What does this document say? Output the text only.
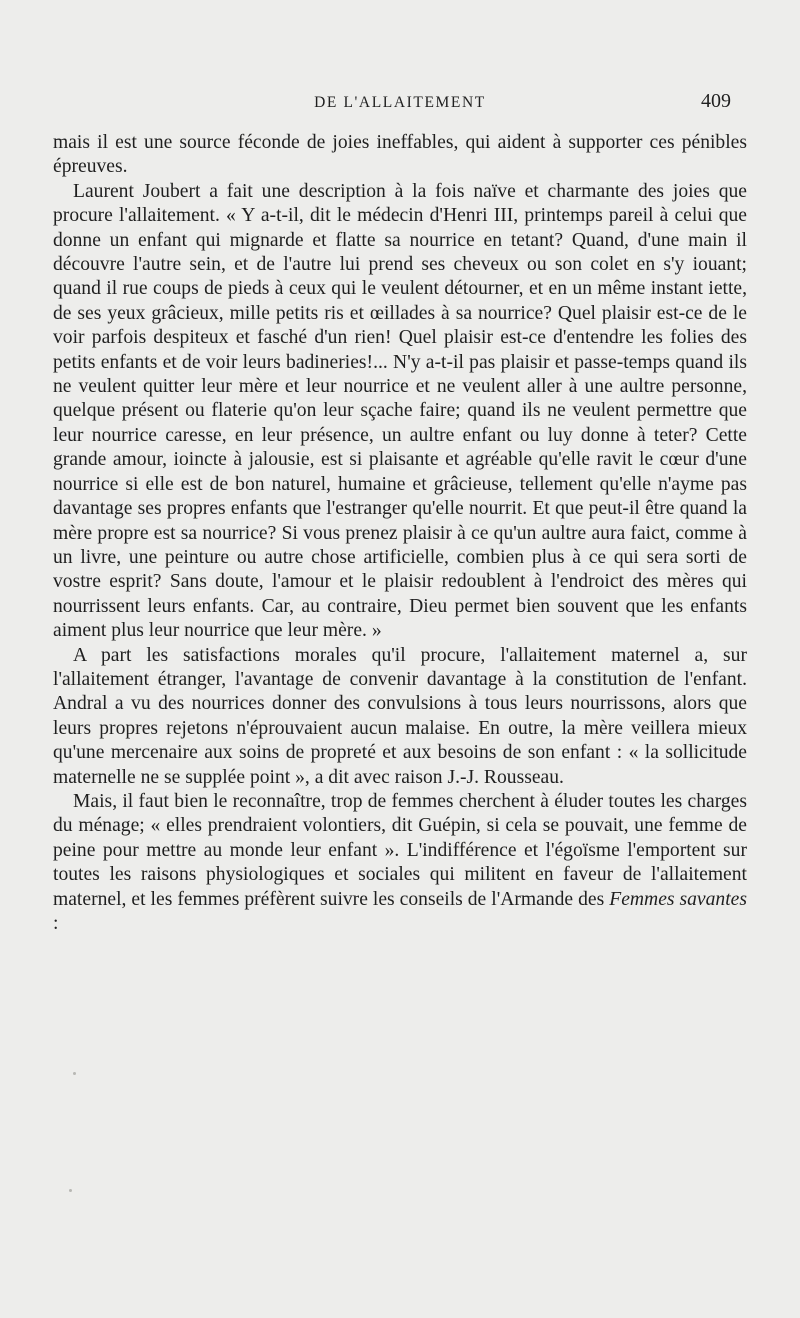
DE L'ALLAITEMENT	409

mais il est une source féconde de joies ineffables, qui aident à supporter ces pénibles épreuves.

Laurent Joubert a fait une description à la fois naïve et charmante des joies que procure l'allaitement. « Y a-t-il, dit le médecin d'Henri III, printemps pareil à celui que donne un enfant qui mignarde et flatte sa nourrice en tetant? Quand, d'une main il découvre l'autre sein, et de l'autre lui prend ses cheveux ou son colet en s'y iouant; quand il rue coups de pieds à ceux qui le veulent détourner, et en un même instant iette, de ses yeux grâcieux, mille petits ris et œillades à sa nourrice? Quel plaisir est-ce de le voir parfois despiteux et fasché d'un rien! Quel plaisir est-ce d'entendre les folies des petits enfants et de voir leurs badineries!... N'y a-t-il pas plaisir et passe-temps quand ils ne veulent quitter leur mère et leur nourrice et ne veulent aller à une aultre personne, quelque présent ou flaterie qu'on leur sçache faire; quand ils ne veulent permettre que leur nourrice caresse, en leur présence, un aultre enfant ou luy donne à teter? Cette grande amour, ioincte à jalousie, est si plaisante et agréable qu'elle ravit le cœur d'une nourrice si elle est de bon naturel, humaine et grâcieuse, tellement qu'elle n'ayme pas davantage ses propres enfants que l'estranger qu'elle nourrit. Et que peut-il être quand la mère propre est sa nourrice? Si vous prenez plaisir à ce qu'un aultre aura faict, comme à un livre, une peinture ou autre chose artificielle, combien plus à ce qui sera sorti de vostre esprit? Sans doute, l'amour et le plaisir redoublent à l'endroict des mères qui nourrissent leurs enfants. Car, au contraire, Dieu permet bien souvent que les enfants aiment plus leur nourrice que leur mère. »

A part les satisfactions morales qu'il procure, l'allaitement maternel a, sur l'allaitement étranger, l'avantage de convenir davantage à la constitution de l'enfant. Andral a vu des nourrices donner des convulsions à tous leurs nourrissons, alors que leurs propres rejetons n'éprouvaient aucun malaise. En outre, la mère veillera mieux qu'une mercenaire aux soins de propreté et aux besoins de son enfant : « la sollicitude maternelle ne se supplée point », a dit avec raison J.-J. Rousseau.

Mais, il faut bien le reconnaître, trop de femmes cherchent à éluder toutes les charges du ménage; « elles prendraient volontiers, dit Guépin, si cela se pouvait, une femme de peine pour mettre au monde leur enfant ». L'indifférence et l'égoïsme l'emportent sur toutes les raisons physiologiques et sociales qui militent en faveur de l'allaitement maternel, et les femmes préfèrent suivre les conseils de l'Armande des Femmes savantes :
